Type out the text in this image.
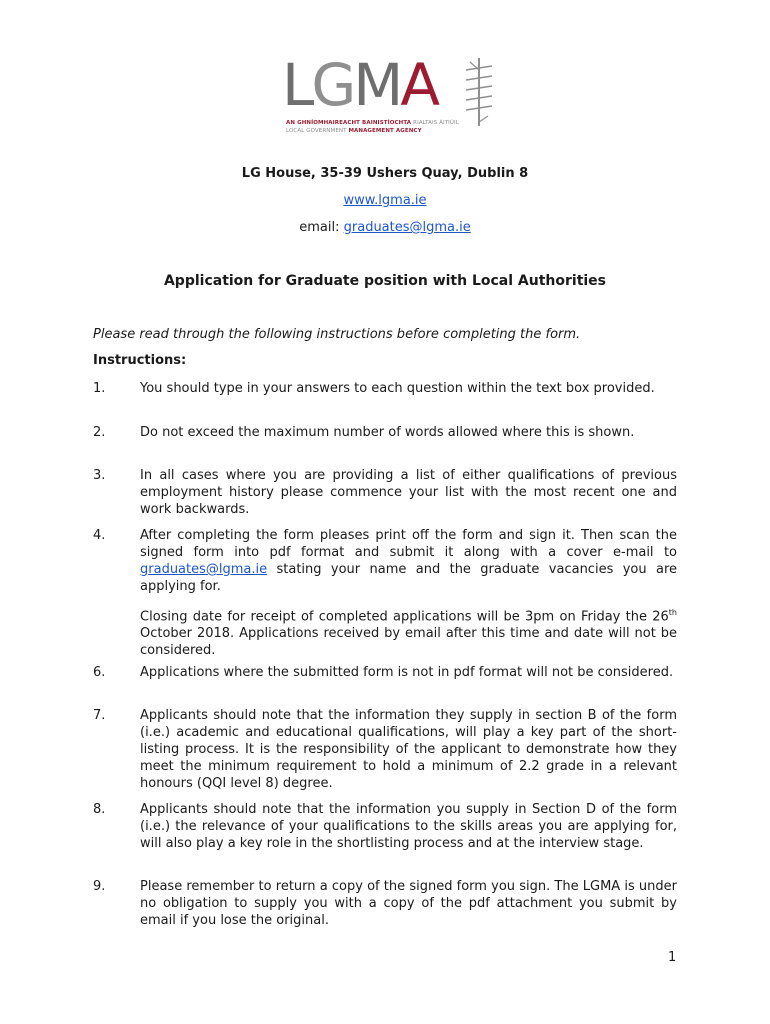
LGMA
AN GHNÍOMHAIREACHT BAINISTÍOCHTA RIALTAIS ÁITIÚIL
LOCAL GOVERNMENT MANAGEMENT AGENCY
LG House, 35-39 Ushers Quay, Dublin 8
www.lgma.ie
email: graduates@lgma.ie
Application for Graduate position with Local Authorities
Please read through the following instructions before completing the form.
Instructions:
1.	You should type in your answers to each question within the text box provided.
2.	Do not exceed the maximum number of words allowed where this is shown.
3.	In all cases where you are providing a list of either qualifications of previous employment history please commence your list with the most recent one and work backwards.
4.	After completing the form pleases print off the form and sign it. Then scan the signed form into pdf format and submit it along with a cover e-mail to graduates@lgma.ie stating your name and the graduate vacancies you are applying for.
Closing date for receipt of completed applications will be 3pm on Friday the 26th October 2018. Applications received by email after this time and date will not be considered.
6.	Applications where the submitted form is not in pdf format will not be considered.
7.	Applicants should note that the information they supply in section B of the form (i.e.) academic and educational qualifications, will play a key part of the short-listing process. It is the responsibility of the applicant to demonstrate how they meet the minimum requirement to hold a minimum of 2.2 grade in a relevant honours (QQI level 8) degree.
8.	Applicants should note that the information you supply in Section D of the form (i.e.) the relevance of your qualifications to the skills areas you are applying for, will also play a key role in the shortlisting process and at the interview stage.
9.	Please remember to return a copy of the signed form you sign. The LGMA is under no obligation to supply you with a copy of the pdf attachment you submit by email if you lose the original.
1
